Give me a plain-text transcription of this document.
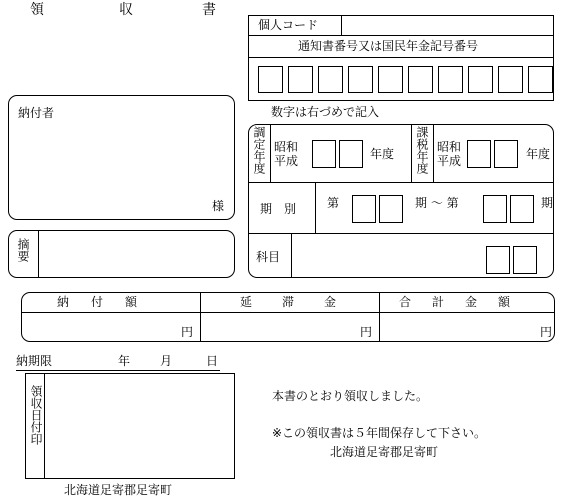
領	収	書
個人コード
通知書番号又は国民年金記号番号
数字は右づめで記入
納付者
様
摘要
調定年度 昭和平成	年度 課税年度 昭和平成	年度
期別 第	期 ～ 第	期
科目
納付額	延滞金	合計金額
円	円	円
納期限	年 月	日
領収日付印	本書のとおり領収しました。
※この領収書は５年間保存して下さい。
北海道足寄郡足寄町
北海道足寄郡足寄町
